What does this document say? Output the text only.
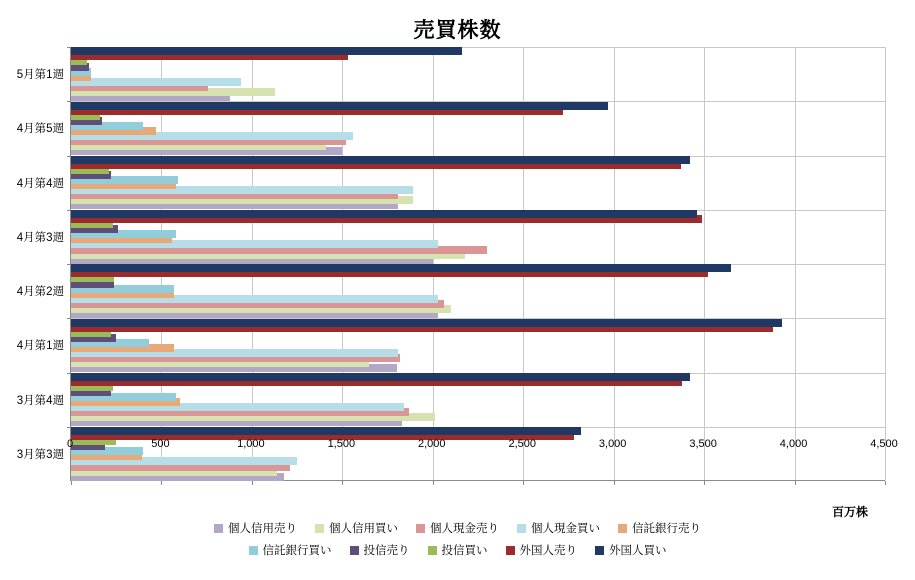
売買株数
0	500	1,000	1,500	2,000	2,500	3,000	3,500	4,000	4,500
3月第3週
3月第4週
4月第1週
4月第2週
4月第3週
4月第4週
4月第5週
5月第1週
百万株
個人信用売り	個人信用買い	個人現金売り	個人現金買い	信託銀行売り
信託銀行買い	投信売り	投信買い	外国人売り	外国人買い
